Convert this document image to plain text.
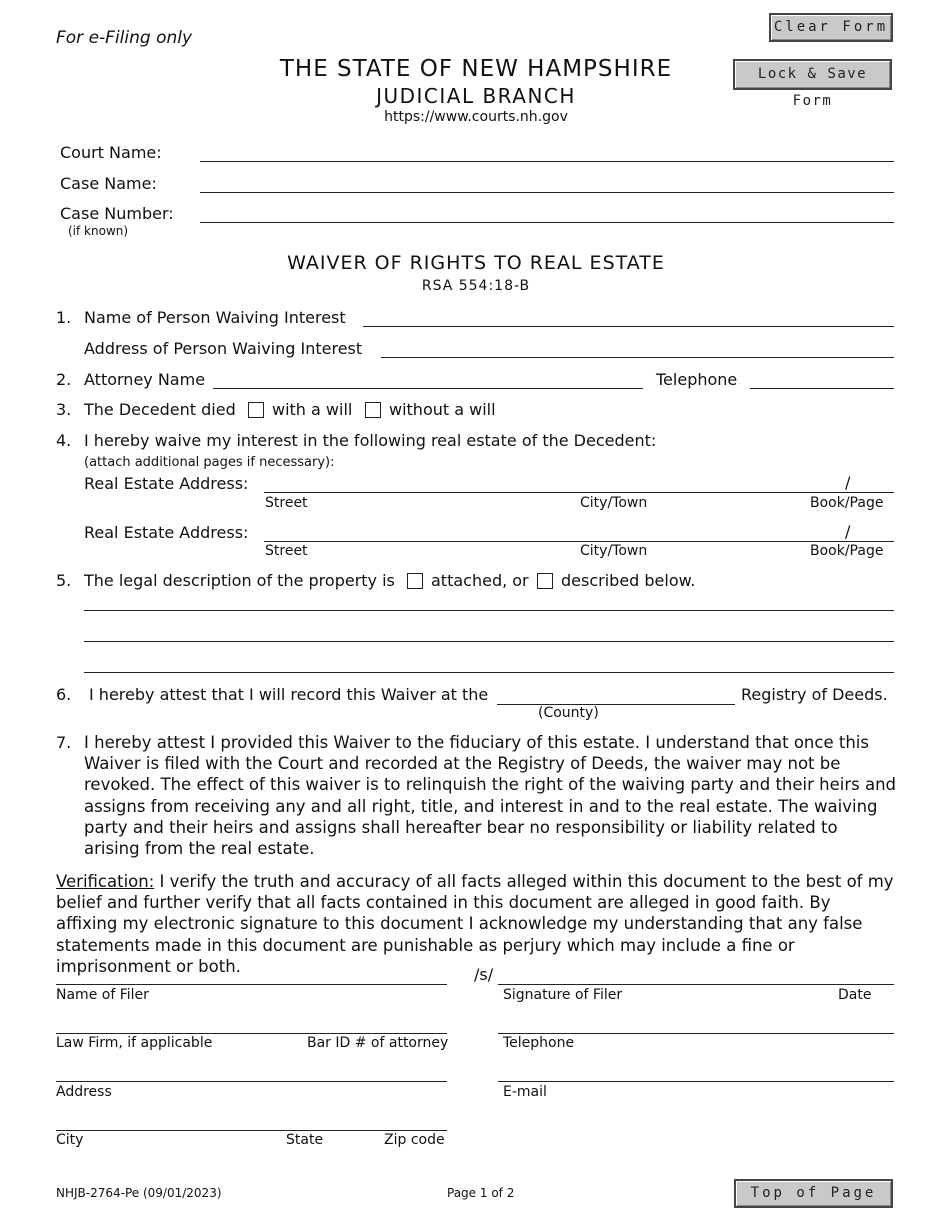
Clear Form
Lock & Save Form
For e-Filing only
THE STATE OF NEW HAMPSHIRE
JUDICIAL BRANCH
https://www.courts.nh.gov
Court Name:
Case Name:
Case Number:
(if known)
WAIVER OF RIGHTS TO REAL ESTATE
RSA 554:18-B
1. Name of Person Waiving Interest
Address of Person Waiving Interest
2. Attorney Name	Telephone
3. The Decedent died with a will without a will
4. I hereby waive my interest in the following real estate of the Decedent:
(attach additional pages if necessary):
Real Estate Address:	/
Street	City/Town	Book/Page
Real Estate Address:	/
Street	City/Town	Book/Page
5. The legal description of the property is attached, or described below.
6. I hereby attest that I will record this Waiver at the	Registry of Deeds.
(County)
7. I hereby attest I provided this Waiver to the fiduciary of this estate. I understand that once this Waiver is filed with the Court and recorded at the Registry of Deeds, the waiver may not be revoked. The effect of this waiver is to relinquish the right of the waiving party and their heirs and assigns from receiving any and all right, title, and interest in and to the real estate. The waiving party and their heirs and assigns shall hereafter bear no responsibility or liability related to arising from the real estate.
Verification: I verify the truth and accuracy of all facts alleged within this document to the best of my belief and further verify that all facts contained in this document are alleged in good faith. By affixing my electronic signature to this document I acknowledge my understanding that any false statements made in this document are punishable as perjury which may include a fine or imprisonment or both.	/s/
Name of Filer	Signature of Filer	Date
Law Firm, if applicable	Bar ID # of attorney	Telephone
Address	E-mail
City	State	Zip code
NHJB-2764-Pe (09/01/2023)	Page 1 of 2	Top of Page
